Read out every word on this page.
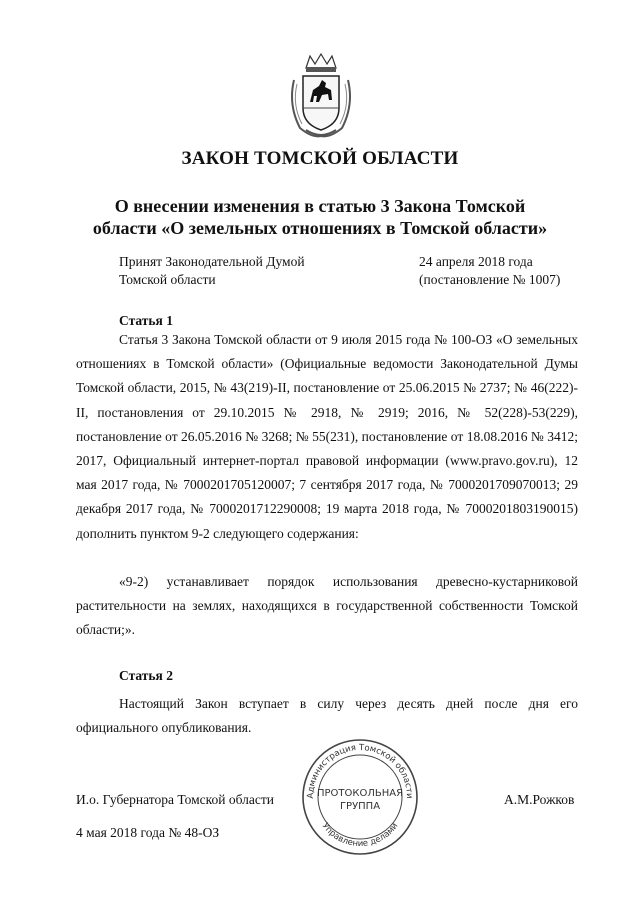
ЗАКОН ТОМСКОЙ ОБЛАСТИ
О внесении изменения в статью 3 Закона Томской
области «О земельных отношениях в Томской области»
Принят Законодательной Думой
Томской области
24 апреля 2018 года
(постановление № 1007)
Статья 1
Статья 3 Закона Томской области от 9 июля 2015 года № 100-ОЗ «О земельных отношениях в Томской области» (Официальные ведомости Законодательной Думы Томской области, 2015, № 43(219)-II, постановление от 25.06.2015 № 2737; № 46(222)-II, постановления от 29.10.2015 № 2918, № 2919; 2016, № 52(228)-53(229), постановление от 26.05.2016 № 3268; № 55(231), постановление от 18.08.2016 № 3412; 2017, Официальный интернет-портал правовой информации (www.pravo.gov.ru), 12 мая 2017 года, № 7000201705120007; 7 сентября 2017 года, № 7000201709070013; 29 декабря 2017 года, № 7000201712290008; 19 марта 2018 года, № 7000201803190015) дополнить пунктом 9-2 следующего содержания:
«9-2) устанавливает порядок использования древесно-кустарниковой растительности на землях, находящихся в государственной собственности Томской области;».
Статья 2
Настоящий Закон вступает в силу через десять дней после дня его официального опубликования.
Администрация Томской области
Управление делами
ПРОТОКОЛЬНАЯ
ГРУППА
И.о. Губернатора Томской области	А.М.Рожков
4 мая 2018 года № 48-ОЗ
